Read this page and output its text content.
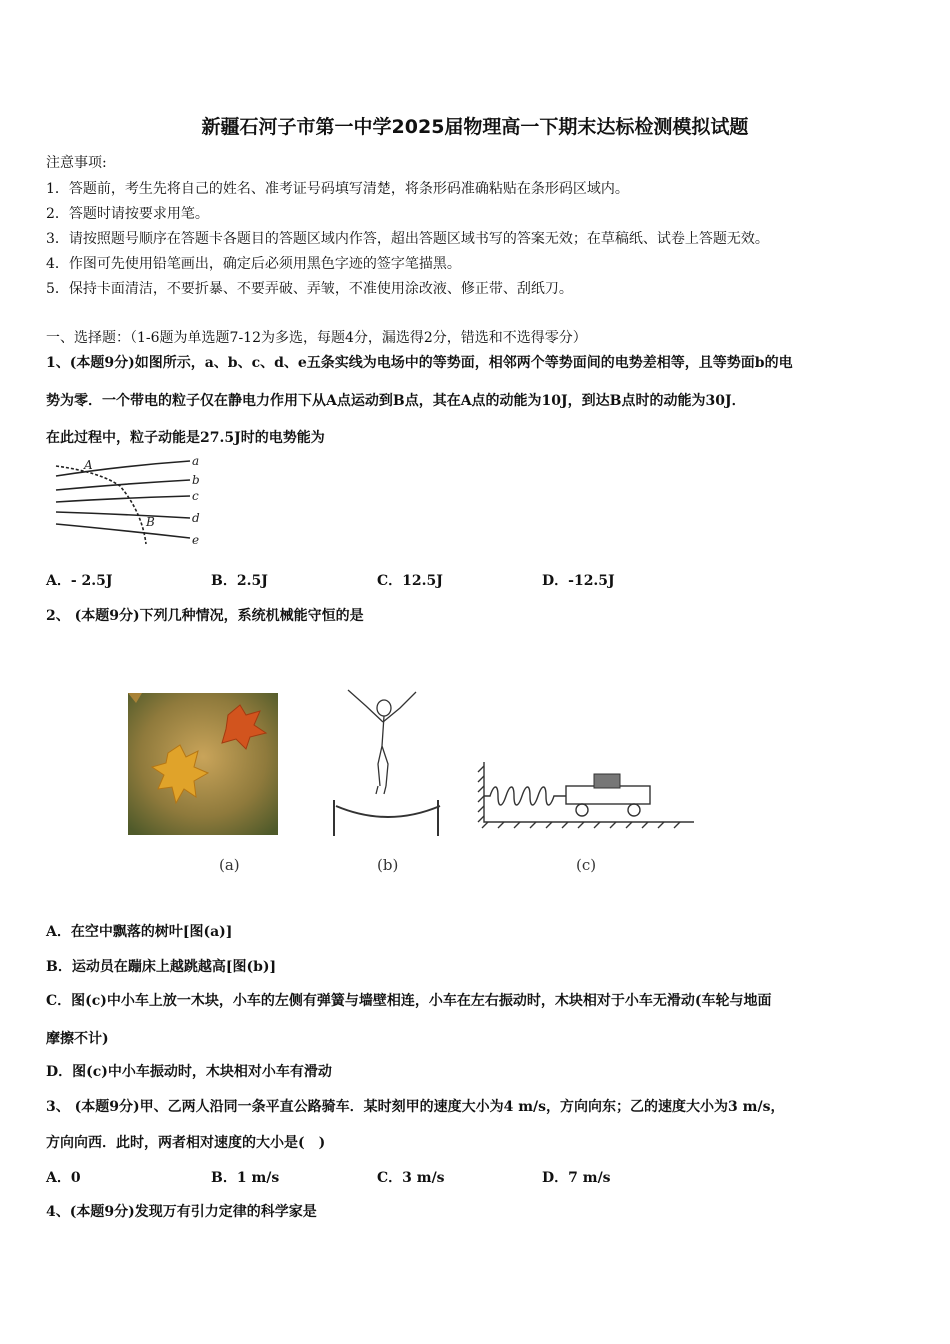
新疆石河子市第一中学2025届物理高一下期末达标检测模拟试题
注意事项:
1．答题前，考生先将自己的姓名、准考证号码填写清楚，将条形码准确粘贴在条形码区域内。
2．答题时请按要求用笔。
3．请按照题号顺序在答题卡各题目的答题区域内作答，超出答题区域书写的答案无效；在草稿纸、试卷上答题无效。
4．作图可先使用铅笔画出，确定后必须用黑色字迹的签字笔描黑。
5．保持卡面清洁，不要折暴、不要弄破、弄皱，不准使用涂改液、修正带、刮纸刀。
一、选择题：（1-6题为单选题7-12为多选，每题4分，漏选得2分，错选和不选得零分）
1、(本题9分)如图所示，a、b、c、d、e五条实线为电场中的等势面，相邻两个等势面间的电势差相等，且等势面b的电
势为零．一个带电的粒子仅在静电力作用下从A点运动到B点，其在A点的动能为10J，到达B点时的动能为30J．
在此过程中，粒子动能是27.5J时的电势能为
A
B
a
b
c
d
e
A．- 2.5J	B．2.5J	C．12.5J	D．-12.5J
2、 (本题9分)下列几种情况，系统机械能守恒的是
(a)	(b)	(c)
A．在空中飘落的树叶[图(a)]
B．运动员在蹦床上越跳越高[图(b)]
C．图(c)中小车上放一木块，小车的左侧有弹簧与墙壁相连，小车在左右振动时，木块相对于小车无滑动(车轮与地面
摩擦不计)
D．图(c)中小车振动时，木块相对小车有滑动
3、 (本题9分)甲、乙两人沿同一条平直公路骑车．某时刻甲的速度大小为4 m/s，方向向东；乙的速度大小为3 m/s，
方向向西．此时，两者相对速度的大小是(　)
A．0	B．1 m/s	C．3 m/s	D．7 m/s
4、(本题9分)发现万有引力定律的科学家是
